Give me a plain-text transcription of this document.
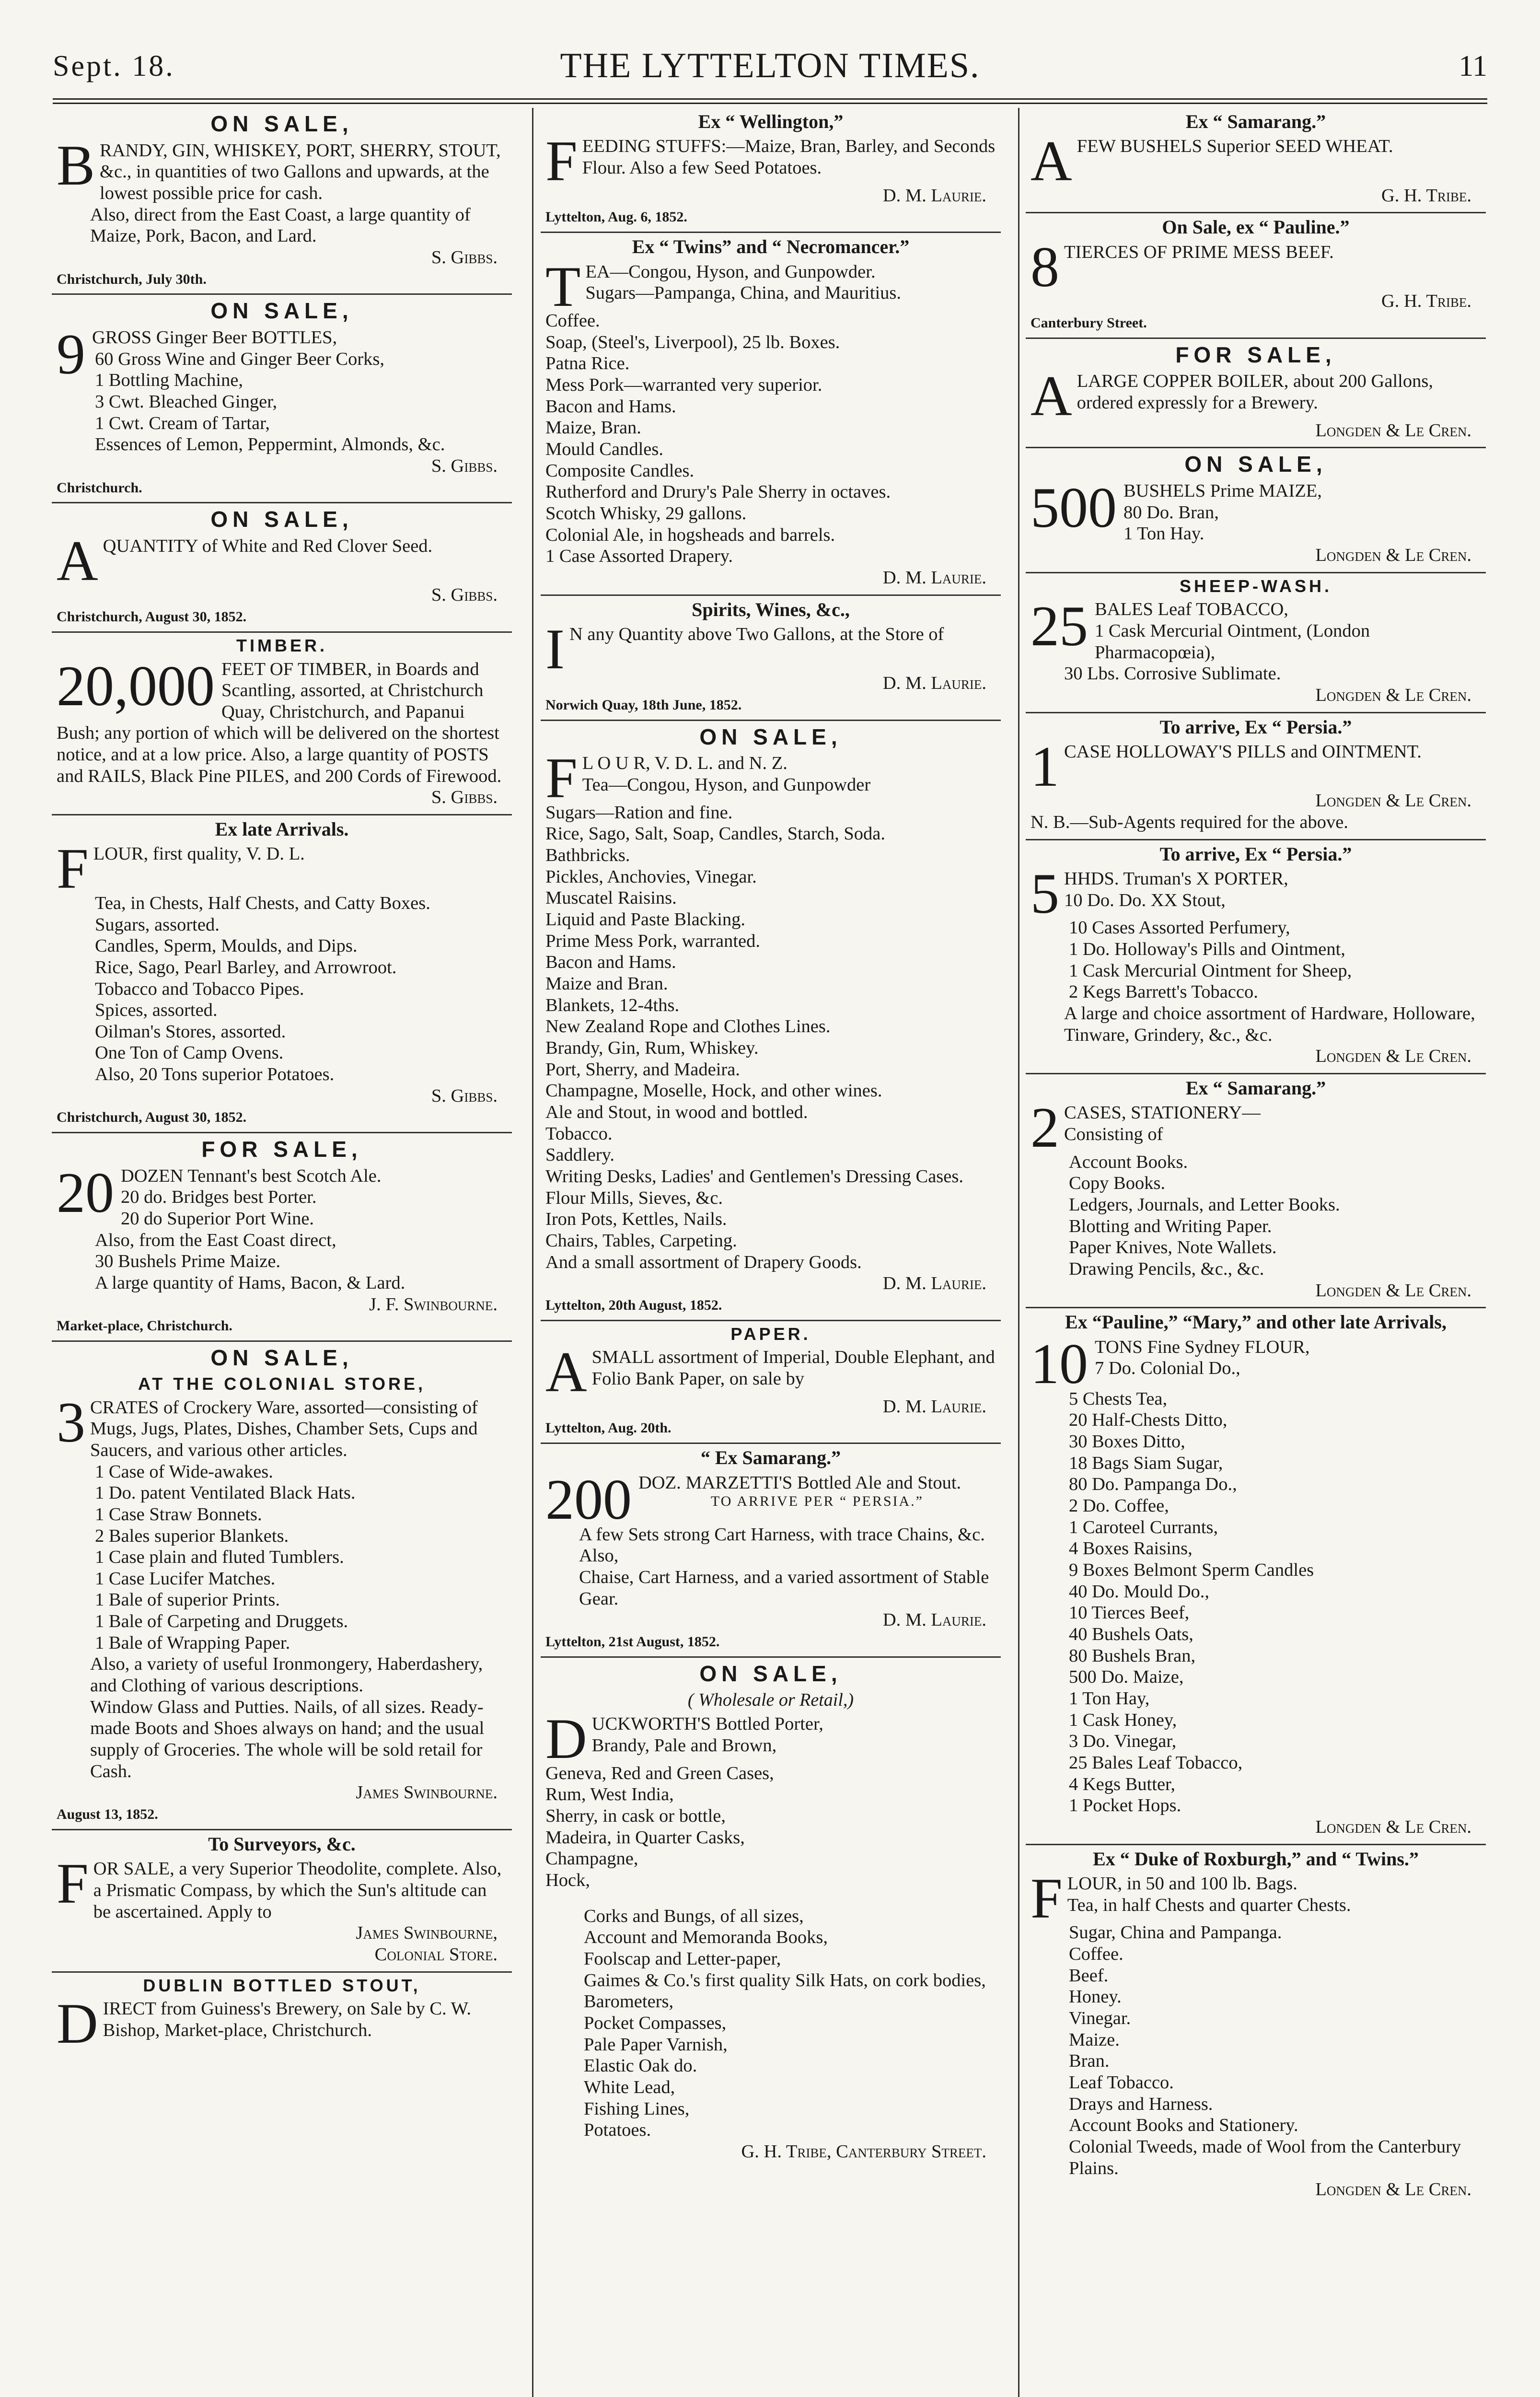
Sept. 18.	THE LYTTELTON TIMES.	11
ON SALE,

BRANDY, GIN, WHISKEY, PORT, SHERRY, STOUT, &c., in quantities of two Gallons and upwards, at the lowest possible price for cash.

Also, direct from the East Coast, a large quantity of Maize, Pork, Bacon, and Lard.

S. Gibbs.

Christchurch, July 30th.

ON SALE,

9 GROSS Ginger Beer BOTTLES,

60 Gross Wine and Ginger Beer Corks,

1 Bottling Machine,

3 Cwt. Bleached Ginger,

1 Cwt. Cream of Tartar,

Essences of Lemon, Peppermint, Almonds, &c.

S. Gibbs.

Christchurch.

ON SALE,

AQUANTITY of White and Red Clover Seed.

S. Gibbs.

Christchurch, August 30, 1852.

TIMBER.

20,000 FEET OF TIMBER, in Boards and Scantling, assorted, at Christchurch Quay, Christchurch, and Papanui Bush; any portion of which will be delivered on the shortest notice, and at a low price. Also, a large quantity of POSTS and RAILS, Black Pine PILES, and 200 Cords of Firewood.

S. Gibbs.

Ex late Arrivals.

FLOUR, first quality, V. D. L.

Tea, in Chests, Half Chests, and Catty Boxes.

Sugars, assorted.

Candles, Sperm, Moulds, and Dips.

Rice, Sago, Pearl Barley, and Arrowroot.

Tobacco and Tobacco Pipes.

Spices, assorted.

Oilman's Stores, assorted.

One Ton of Camp Ovens.

Also, 20 Tons superior Potatoes.

S. Gibbs.

Christchurch, August 30, 1852.

FOR SALE,

20 DOZEN Tennant's best Scotch Ale.

20 do. Bridges best Porter.

20 do Superior Port Wine.

Also, from the East Coast direct,

30 Bushels Prime Maize.

A large quantity of Hams, Bacon, & Lard.

J. F. Swinbourne.

Market-place, Christchurch.

ON SALE,
AT THE COLONIAL STORE,

3 CRATES of Crockery Ware, assorted—consisting of Mugs, Jugs, Plates, Dishes, Chamber Sets, Cups and Saucers, and various other articles.

1 Case of Wide-awakes.

1 Do. patent Ventilated Black Hats.

1 Case Straw Bonnets.

2 Bales superior Blankets.

1 Case plain and fluted Tumblers.

1 Case Lucifer Matches.

1 Bale of superior Prints.

1 Bale of Carpeting and Druggets.

1 Bale of Wrapping Paper.

Also, a variety of useful Ironmongery, Haberdashery, and Clothing of various descriptions.

Window Glass and Putties. Nails, of all sizes. Ready-made Boots and Shoes always on hand; and the usual supply of Groceries. The whole will be sold retail for Cash.

James Swinbourne.

August 13, 1852.

To Surveyors, &c.

FOR SALE, a very Superior Theodolite, complete. Also, a Prismatic Compass, by which the Sun's altitude can be ascertained. Apply to

James Swinbourne,

Colonial Store.

DUBLIN BOTTLED STOUT,

DIRECT from Guiness's Brewery, on Sale by C. W. Bishop, Market-place, Christchurch.

Ex “ Wellington,”

FEEDING STUFFS:—Maize, Bran, Barley, and Seconds Flour. Also a few Seed Potatoes.

D. M. Laurie.

Lyttelton, Aug. 6, 1852.

Ex “ Twins” and “ Necromancer.”

TEA—Congou, Hyson, and Gunpowder.

Sugars—Pampanga, China, and Mauritius.

Coffee.

Soap, (Steel's, Liverpool), 25 lb. Boxes.

Patna Rice.

Mess Pork—warranted very superior.

Bacon and Hams.

Maize, Bran.

Mould Candles.

Composite Candles.

Rutherford and Drury's Pale Sherry in octaves.

Scotch Whisky, 29 gallons.

Colonial Ale, in hogsheads and barrels.

1 Case Assorted Drapery.

D. M. Laurie.

Spirits, Wines, &c.,

I N any Quantity above Two Gallons, at the Store of

D. M. Laurie.

Norwich Quay, 18th June, 1852.

ON SALE,

F L O U R, V. D. L. and N. Z.

Tea—Congou, Hyson, and Gunpowder

Sugars—Ration and fine.

Rice, Sago, Salt, Soap, Candles, Starch, Soda.

Bathbricks.

Pickles, Anchovies, Vinegar.

Muscatel Raisins.

Liquid and Paste Blacking.

Prime Mess Pork, warranted.

Bacon and Hams.

Maize and Bran.

Blankets, 12-4ths.

New Zealand Rope and Clothes Lines.

Brandy, Gin, Rum, Whiskey.

Port, Sherry, and Madeira.

Champagne, Moselle, Hock, and other wines.

Ale and Stout, in wood and bottled.

Tobacco.

Saddlery.

Writing Desks, Ladies' and Gentlemen's Dressing Cases.

Flour Mills, Sieves, &c.

Iron Pots, Kettles, Nails.

Chairs, Tables, Carpeting.

And a small assortment of Drapery Goods.

D. M. Laurie.

Lyttelton, 20th August, 1852.

PAPER.

ASMALL assortment of Imperial, Double Elephant, and Folio Bank Paper, on sale by

D. M. Laurie.

Lyttelton, Aug. 20th.

“ Ex Samarang.”

200 DOZ. MARZETTI'S Bottled Ale and Stout.

TO ARRIVE PER “ PERSIA.”

A few Sets strong Cart Harness, with trace Chains, &c. Also,

Chaise, Cart Harness, and a varied assortment of Stable Gear.

D. M. Laurie.

Lyttelton, 21st August, 1852.

ON SALE,
( Wholesale or Retail,)

DUCKWORTH'S Bottled Porter,

Brandy, Pale and Brown,

Geneva, Red and Green Cases,

Rum, West India,

Sherry, in cask or bottle,

Madeira, in Quarter Casks,

Champagne,

Hock,

Corks and Bungs, of all sizes,

Account and Memoranda Books,

Foolscap and Letter-paper,

Gaimes & Co.'s first quality Silk Hats, on cork bodies,

Barometers,

Pocket Compasses,

Pale Paper Varnish,

Elastic Oak do.

White Lead,

Fishing Lines,

Potatoes.

G. H. Tribe, Canterbury Street.

Ex “ Samarang.”

AFEW BUSHELS Superior SEED WHEAT.

G. H. Tribe.

On Sale, ex “ Pauline.”

8 TIERCES OF PRIME MESS BEEF.

G. H. Tribe.

Canterbury Street.

FOR SALE,

ALARGE COPPER BOILER, about 200 Gallons, ordered expressly for a Brewery.

Longden & Le Cren.

ON SALE,

500 BUSHELS Prime MAIZE,

80 Do. Bran,

1 Ton Hay.

Longden & Le Cren.

SHEEP-WASH.

25 BALES Leaf TOBACCO,

1 Cask Mercurial Ointment, (London Pharmacopœia),

30 Lbs. Corrosive Sublimate.

Longden & Le Cren.

To arrive, Ex “ Persia.”

1 CASE HOLLOWAY'S PILLS and OINTMENT.

Longden & Le Cren.

N. B.—Sub-Agents required for the above.

To arrive, Ex “ Persia.”

5 HHDS. Truman's X PORTER,

10 Do. Do. XX Stout,

10 Cases Assorted Perfumery,

1 Do. Holloway's Pills and Ointment,

1 Cask Mercurial Ointment for Sheep,

2 Kegs Barrett's Tobacco.

A large and choice assortment of Hardware, Holloware, Tinware, Grindery, &c., &c.

Longden & Le Cren.

Ex “ Samarang.”

2 CASES, STATIONERY—

Consisting of

Account Books.

Copy Books.

Ledgers, Journals, and Letter Books.

Blotting and Writing Paper.

Paper Knives, Note Wallets.

Drawing Pencils, &c., &c.

Longden & Le Cren.

Ex “Pauline,” “Mary,” and other late Arrivals,

10 TONS Fine Sydney FLOUR,

7 Do. Colonial Do.,

5 Chests Tea,

20 Half-Chests Ditto,

30 Boxes Ditto,

18 Bags Siam Sugar,

80 Do. Pampanga Do.,

2 Do. Coffee,

1 Caroteel Currants,

4 Boxes Raisins,

9 Boxes Belmont Sperm Candles

40 Do. Mould Do.,

10 Tierces Beef,

40 Bushels Oats,

80 Bushels Bran,

500 Do. Maize,

1 Ton Hay,

1 Cask Honey,

3 Do. Vinegar,

25 Bales Leaf Tobacco,

4 Kegs Butter,

1 Pocket Hops.

Longden & Le Cren.

Ex “ Duke of Roxburgh,” and “ Twins.”

FLOUR, in 50 and 100 lb. Bags.

Tea, in half Chests and quarter Chests.

Sugar, China and Pampanga.

Coffee.

Beef.

Honey.

Vinegar.

Maize.

Bran.

Leaf Tobacco.

Drays and Harness.

Account Books and Stationery.

Colonial Tweeds, made of Wool from the Canterbury Plains.

Longden & Le Cren.
